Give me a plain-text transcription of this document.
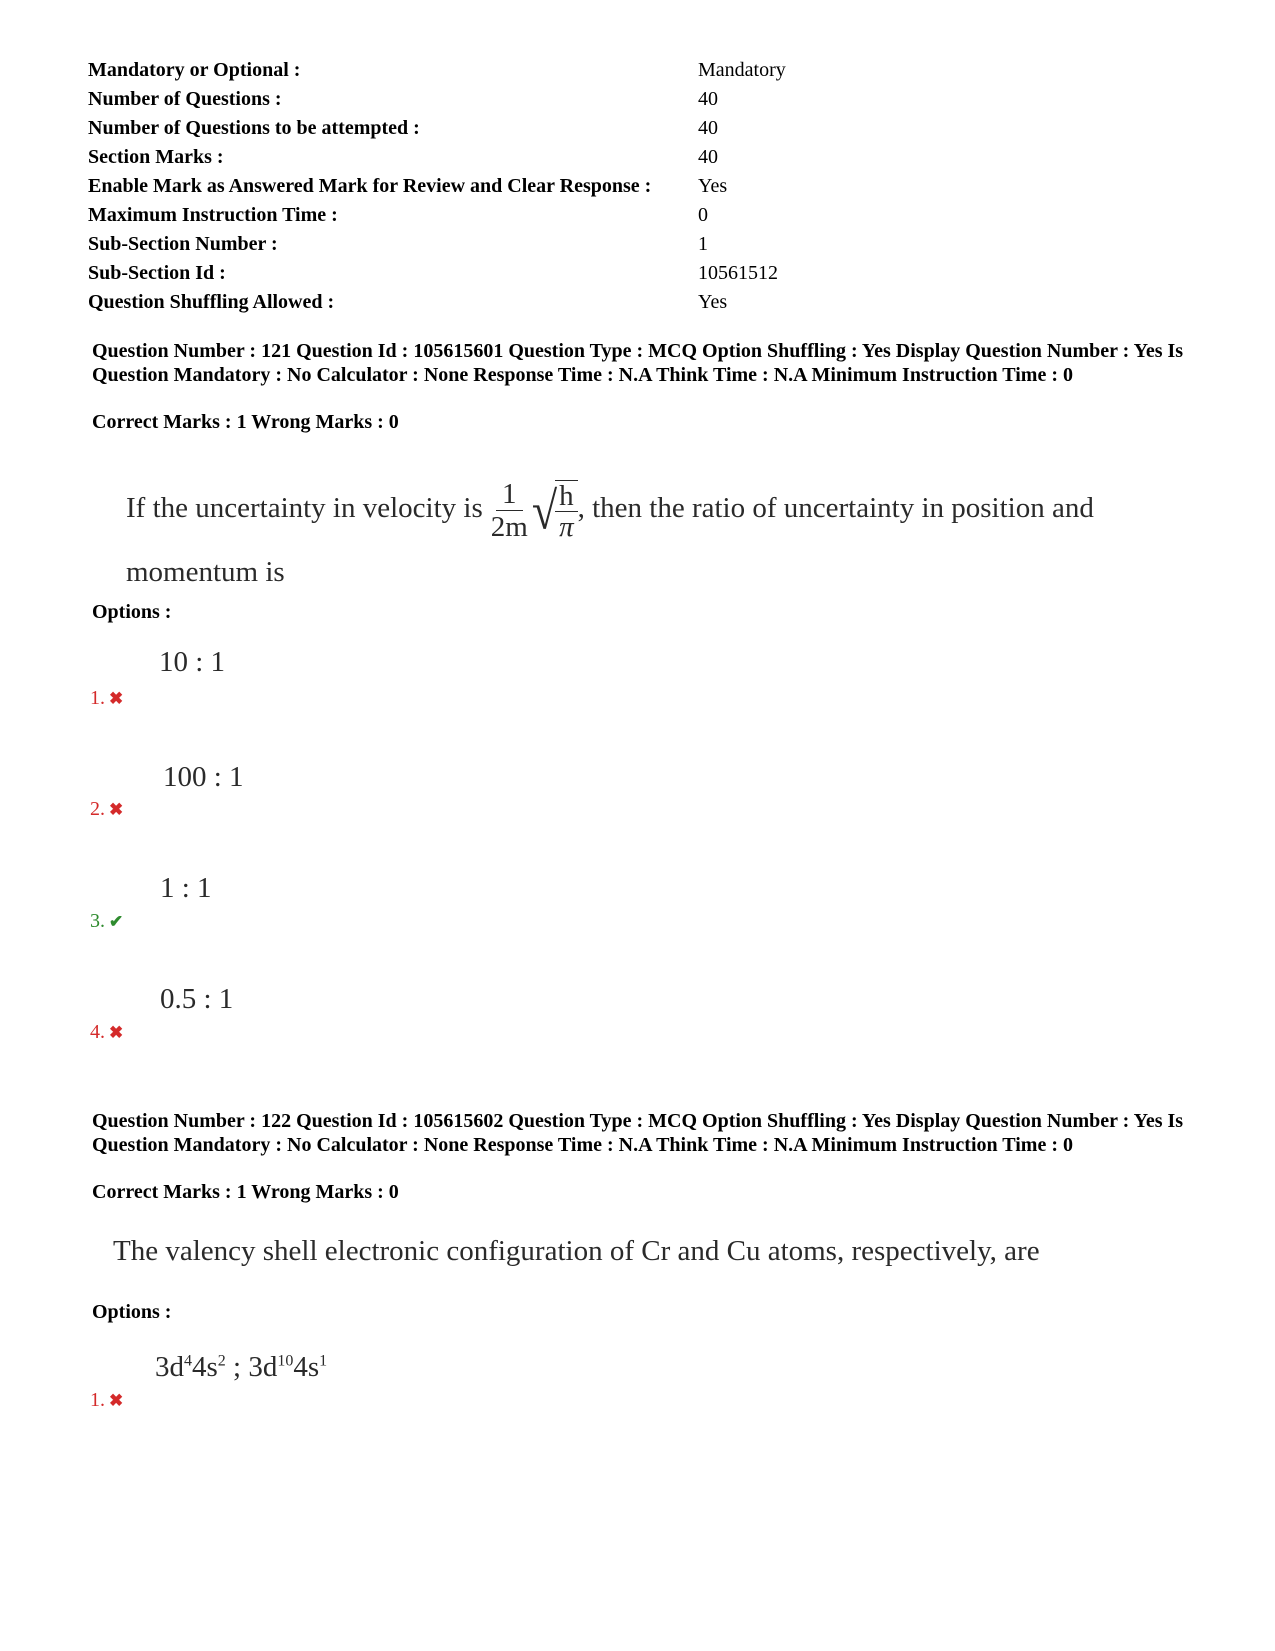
Mandatory or Optional :	Mandatory
Number of Questions :	40
Number of Questions to be attempted :	40
Section Marks :	40
Enable Mark as Answered Mark for Review and Clear Response :	Yes
Maximum Instruction Time :	0
Sub-Section Number :	1
Sub-Section Id :	10561512
Question Shuffling Allowed :	Yes
Question Number : 121 Question Id : 105615601 Question Type : MCQ Option Shuffling : Yes Display Question Number : Yes Is Question Mandatory : No Calculator : None Response Time : N.A Think Time : N.A Minimum Instruction Time : 0
Correct Marks : 1 Wrong Marks : 0
If the uncertainty in velocity is $\frac{1}{2m}$ √
$\frac{h}{\pi}$ , then the ratio of uncertainty in position and
momentum is
Options :
10 : 1
1. ✖
100 : 1
2. ✖
1 : 1
3. ✔
0.5 : 1
4. ✖
Question Number : 122 Question Id : 105615602 Question Type : MCQ Option Shuffling : Yes Display Question Number : Yes Is Question Mandatory : No Calculator : None Response Time : N.A Think Time : N.A Minimum Instruction Time : 0
Correct Marks : 1 Wrong Marks : 0
The valency shell electronic configuration of Cr and Cu atoms, respectively, are
Options :
$3d^44s^2$ ; $3d^{10}4s^1$
1. ✖
